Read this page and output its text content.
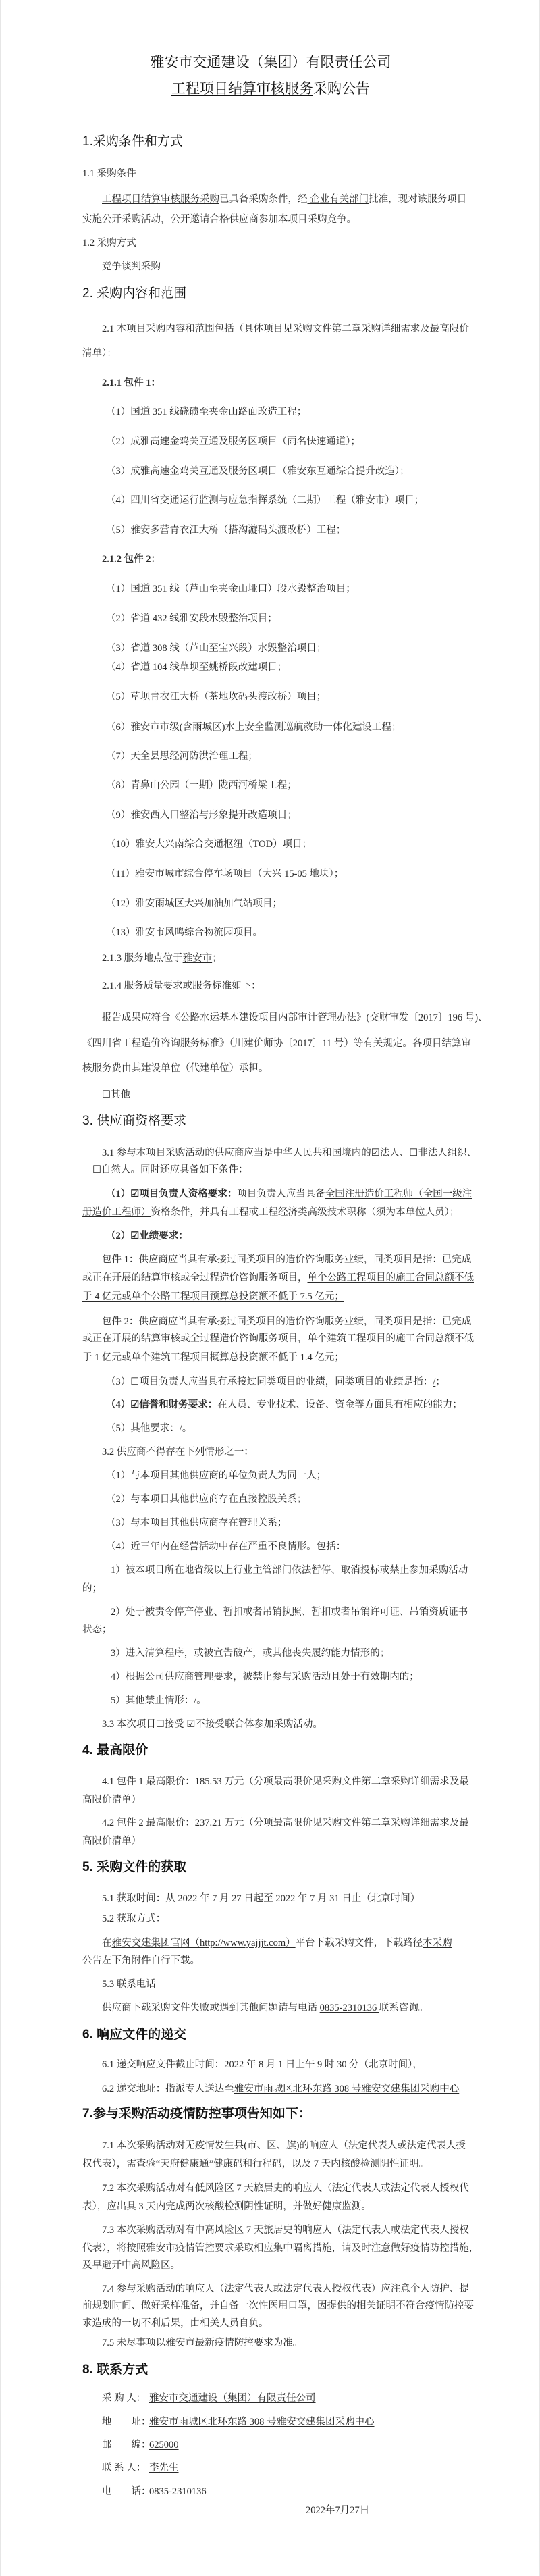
雅安市交通建设（集团）有限责任公司
工程项目结算审核服务采购公告
1.采购条件和方式
1.1 采购条件
工程项目结算审核服务采购已具备采购条件，经 企业有关部门批准，现对该服务项目
实施公开采购活动，公开邀请合格供应商参加本项目采购竞争。
1.2 采购方式
竞争谈判采购
2. 采购内容和范围
2.1 本项目采购内容和范围包括（具体项目见采购文件第二章采购详细需求及最高限价
清单）：
2.1.1 包件 1：
（1）国道 351 线硗碛至夹金山路面改造工程；
（2）成雅高速金鸡关互通及服务区项目（雨名快速通道）；
（3）成雅高速金鸡关互通及服务区项目（雅安东互通综合提升改造）；
（4）四川省交通运行监测与应急指挥系统（二期）工程（雅安市）项目；
（5）雅安多营青衣江大桥（搭沟漩码头渡改桥）工程；
2.1.2 包件 2：
（1）国道 351 线（芦山至夹金山垭口）段水毁整治项目；
（2）省道 432 线雅安段水毁整治项目；
（3）省道 308 线（芦山至宝兴段）水毁整治项目；
（4）省道 104 线草坝至姚桥段改建项目；
（5）草坝青衣江大桥（茶地坎码头渡改桥）项目；
（6）雅安市市级(含雨城区)水上安全监测巡航救助一体化建设工程；
（7）天全县思经河防洪治理工程；
（8）青鼻山公园（一期）陇西河桥梁工程；
（9）雅安西入口整治与形象提升改造项目；
（10）雅安大兴南综合交通枢纽（TOD）项目；
（11）雅安市城市综合停车场项目（大兴 15-05 地块）；
（12）雅安雨城区大兴加油加气站项目；
（13）雅安市风鸣综合物流园项目。
2.1.3 服务地点位于雅安市；
2.1.4 服务质量要求或服务标准如下：
报告成果应符合《公路水运基本建设项目内部审计管理办法》(交财审发〔2017〕196 号)、
《四川省工程造价咨询服务标准》（川建价师协〔2017〕11 号）等有关规定。各项目结算审
核服务费由其建设单位（代建单位）承担。
☐其他
3. 供应商资格要求
3.1 参与本项目采购活动的供应商应当是中华人民共和国境内的☑法人、☐非法人组织、
☐自然人。同时还应具备如下条件：
（1）☑项目负责人资格要求：项目负责人应当具备全国注册造价工程师（全国一级注
册造价工程师）资格条件，并具有工程或工程经济类高级技术职称（须为本单位人员）；
（2）☑业绩要求：
包件 1：供应商应当具有承接过同类项目的造价咨询服务业绩，同类项目是指：已完成
或正在开展的结算审核或全过程造价咨询服务项目，单个公路工程项目的施工合同总额不低
于 4 亿元或单个公路工程项目预算总投资额不低于 7.5 亿元；
包件 2：供应商应当具有承接过同类项目的造价咨询服务业绩，同类项目是指：已完成
或正在开展的结算审核或全过程造价咨询服务项目，单个建筑工程项目的施工合同总额不低
于 1 亿元或单个建筑工程项目概算总投资额不低于 1.4 亿元；
（3）☐项目负责人应当具有承接过同类项目的业绩，同类项目的业绩是指：/；
（4）☑信誉和财务要求：在人员、专业技术、设备、资金等方面具有相应的能力；
（5）其他要求：/。
3.2 供应商不得存在下列情形之一：
（1）与本项目其他供应商的单位负责人为同一人；
（2）与本项目其他供应商存在直接控股关系；
（3）与本项目其他供应商存在管理关系；
（4）近三年内在经营活动中存在严重不良情形。包括：
1）被本项目所在地省级以上行业主管部门依法暂停、取消投标或禁止参加采购活动
的；
2）处于被责令停产停业、暂扣或者吊销执照、暂扣或者吊销许可证、吊销资质证书
状态；
3）进入清算程序，或被宣告破产，或其他丧失履约能力情形的；
4）根据公司供应商管理要求，被禁止参与采购活动且处于有效期内的；
5）其他禁止情形：/。
3.3 本次项目☐接受 ☑不接受联合体参加采购活动。
4. 最高限价
4.1 包件 1 最高限价：185.53 万元（分项最高限价见采购文件第二章采购详细需求及最
高限价清单）
4.2 包件 2 最高限价：237.21 万元（分项最高限价见采购文件第二章采购详细需求及最
高限价清单）
5. 采购文件的获取
5.1 获取时间：从 2022 年 7 月 27 日起至 2022 年 7 月 31 日止（北京时间）
5.2 获取方式：
在雅安交建集团官网（http://www.yajjjt.com）平台下载采购文件，下载路径本采购
公告左下角附件自行下载。
5.3 联系电话
供应商下载采购文件失败或遇到其他问题请与电话 0835-2310136 联系咨询。
6. 响应文件的递交
6.1 递交响应文件截止时间：2022 年 8 月 1 日上午 9 时 30 分（北京时间），
6.2 递交地址：指派专人送达至雅安市雨城区北环东路 308 号雅安交建集团采购中心。
7.参与采购活动疫情防控事项告知如下：
7.1 本次采购活动对无疫情发生县(市、区、旗)的响应人（法定代表人或法定代表人授
权代表），需查验“天府健康通”健康码和行程码，以及 7 天内核酸检测阴性证明。
7.2 本次采购活动对有低风险区 7 天旅居史的响应人（法定代表人或法定代表人授权代
表），应出具 3 天内完成两次核酸检测阴性证明，并做好健康监测。
7.3 本次采购活动对有中高风险区 7 天旅居史的响应人（法定代表人或法定代表人授权
代表），将按照雅安市疫情管控要求采取相应集中隔离措施，请及时注意做好疫情防控措施，
及早避开中高风险区。
7.4 参与采购活动的响应人（法定代表人或法定代表人授权代表）应注意个人防护、提
前规划时间、做好采样准备，并自备一次性医用口罩，因提供的相关证明不符合疫情防控要
求造成的一切不利后果，由相关人员自负。
7.5 未尽事项以雅安市最新疫情防控要求为准。
8. 联系方式
采 购 人： 雅安市交通建设（集团）有限责任公司
地　　址：雅安市雨城区北环东路 308 号雅安交建集团采购中心
邮　　编：625000
联 系 人： 李先生
电　　话：0835-2310136
2022年7月27日
